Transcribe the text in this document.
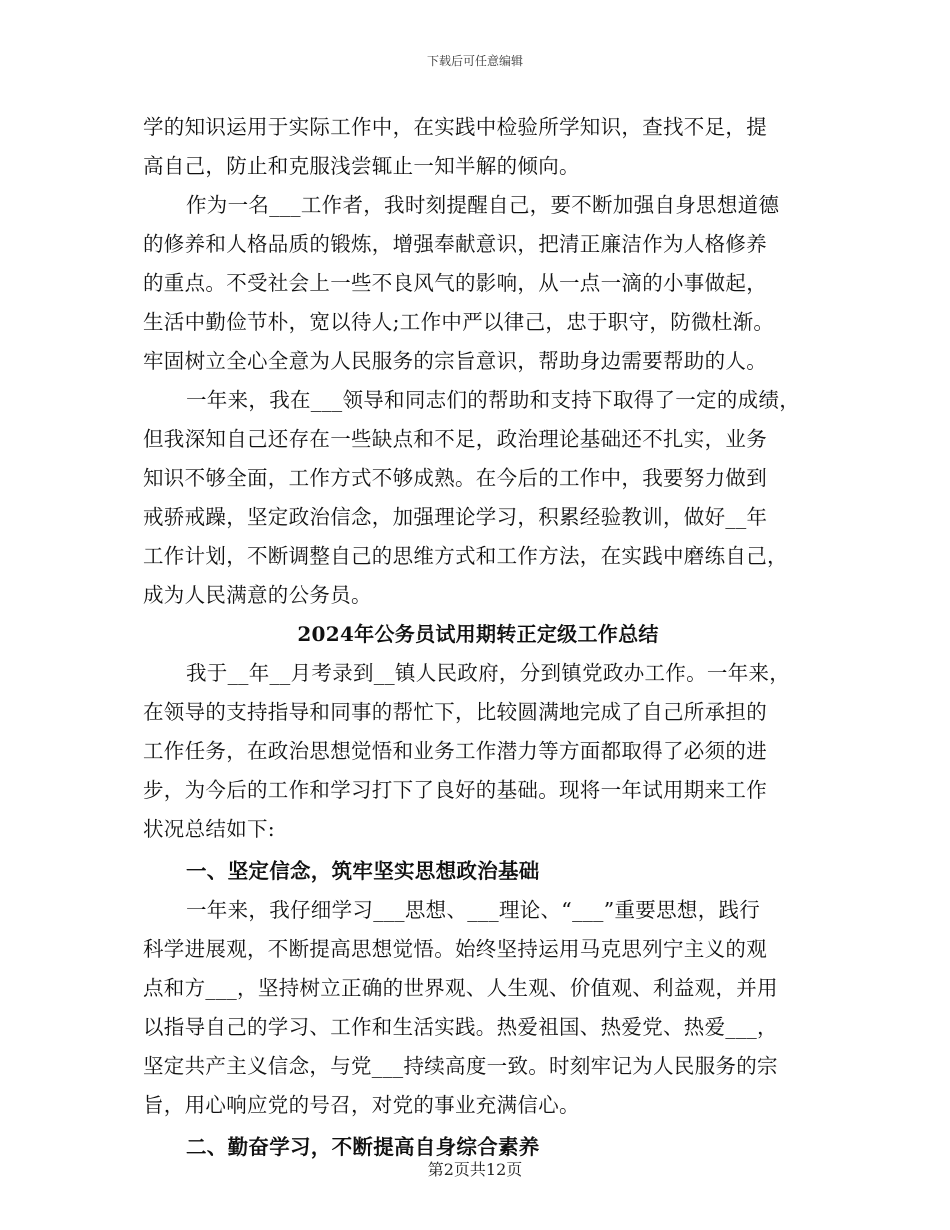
下载后可任意编辑
学的知识运用于实际工作中，在实践中检验所学知识，查找不足，提
高自己，防止和克服浅尝辄止一知半解的倾向。
作为一名___工作者，我时刻提醒自己，要不断加强自身思想道德
的修养和人格品质的锻炼，增强奉献意识，把清正廉洁作为人格修养
的重点。不受社会上一些不良风气的影响，从一点一滴的小事做起，
生活中勤俭节朴，宽以待人;工作中严以律己，忠于职守，防微杜渐。
牢固树立全心全意为人民服务的宗旨意识，帮助身边需要帮助的人。
一年来，我在___领导和同志们的帮助和支持下取得了一定的成绩，
但我深知自己还存在一些缺点和不足，政治理论基础还不扎实，业务
知识不够全面，工作方式不够成熟。在今后的工作中，我要努力做到
戒骄戒躁，坚定政治信念，加强理论学习，积累经验教训，做好__年
工作计划，不断调整自己的思维方式和工作方法，在实践中磨练自己，
成为人民满意的公务员。
2024年公务员试用期转正定级工作总结
我于__年__月考录到__镇人民政府，分到镇党政办工作。一年来，
在领导的支持指导和同事的帮忙下，比较圆满地完成了自己所承担的
工作任务，在政治思想觉悟和业务工作潜力等方面都取得了必须的进
步，为今后的工作和学习打下了良好的基础。现将一年试用期来工作
状况总结如下:
一、坚定信念，筑牢坚实思想政治基础
一年来，我仔细学习___思想、___理论、“___”重要思想，践行
科学进展观，不断提高思想觉悟。始终坚持运用马克思列宁主义的观
点和方___，坚持树立正确的世界观、人生观、价值观、利益观，并用
以指导自己的学习、工作和生活实践。热爱祖国、热爱党、热爱___，
坚定共产主义信念，与党___持续高度一致。时刻牢记为人民服务的宗
旨，用心响应党的号召，对党的事业充满信心。
二、勤奋学习，不断提高自身综合素养
第2页共12页
